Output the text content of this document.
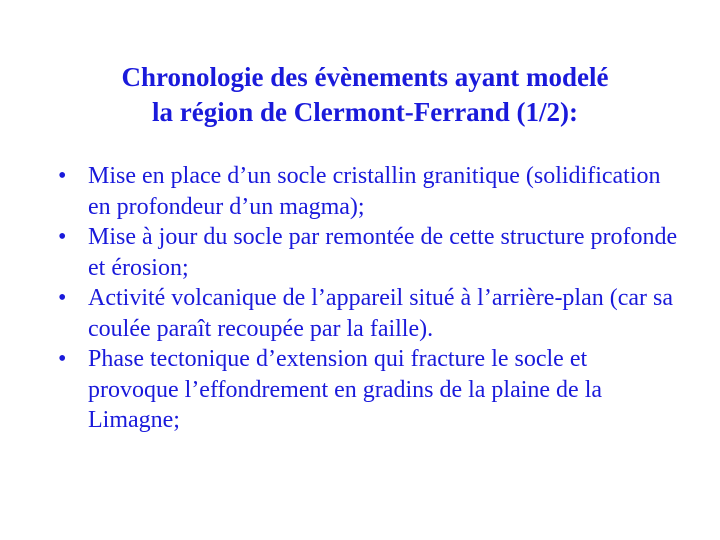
Chronologie des évènements ayant modelé
la région de Clermont-Ferrand (1/2):
• Mise en place d’un socle cristallin granitique (solidification en profondeur d’un magma);
• Mise à jour du socle par remontée de cette structure profonde et érosion;
• Activité volcanique de l’appareil situé à l’arrière-plan (car sa coulée paraît recoupée par la faille).
• Phase tectonique d’extension qui fracture le socle et provoque l’effondrement en gradins de la plaine de la Limagne;
